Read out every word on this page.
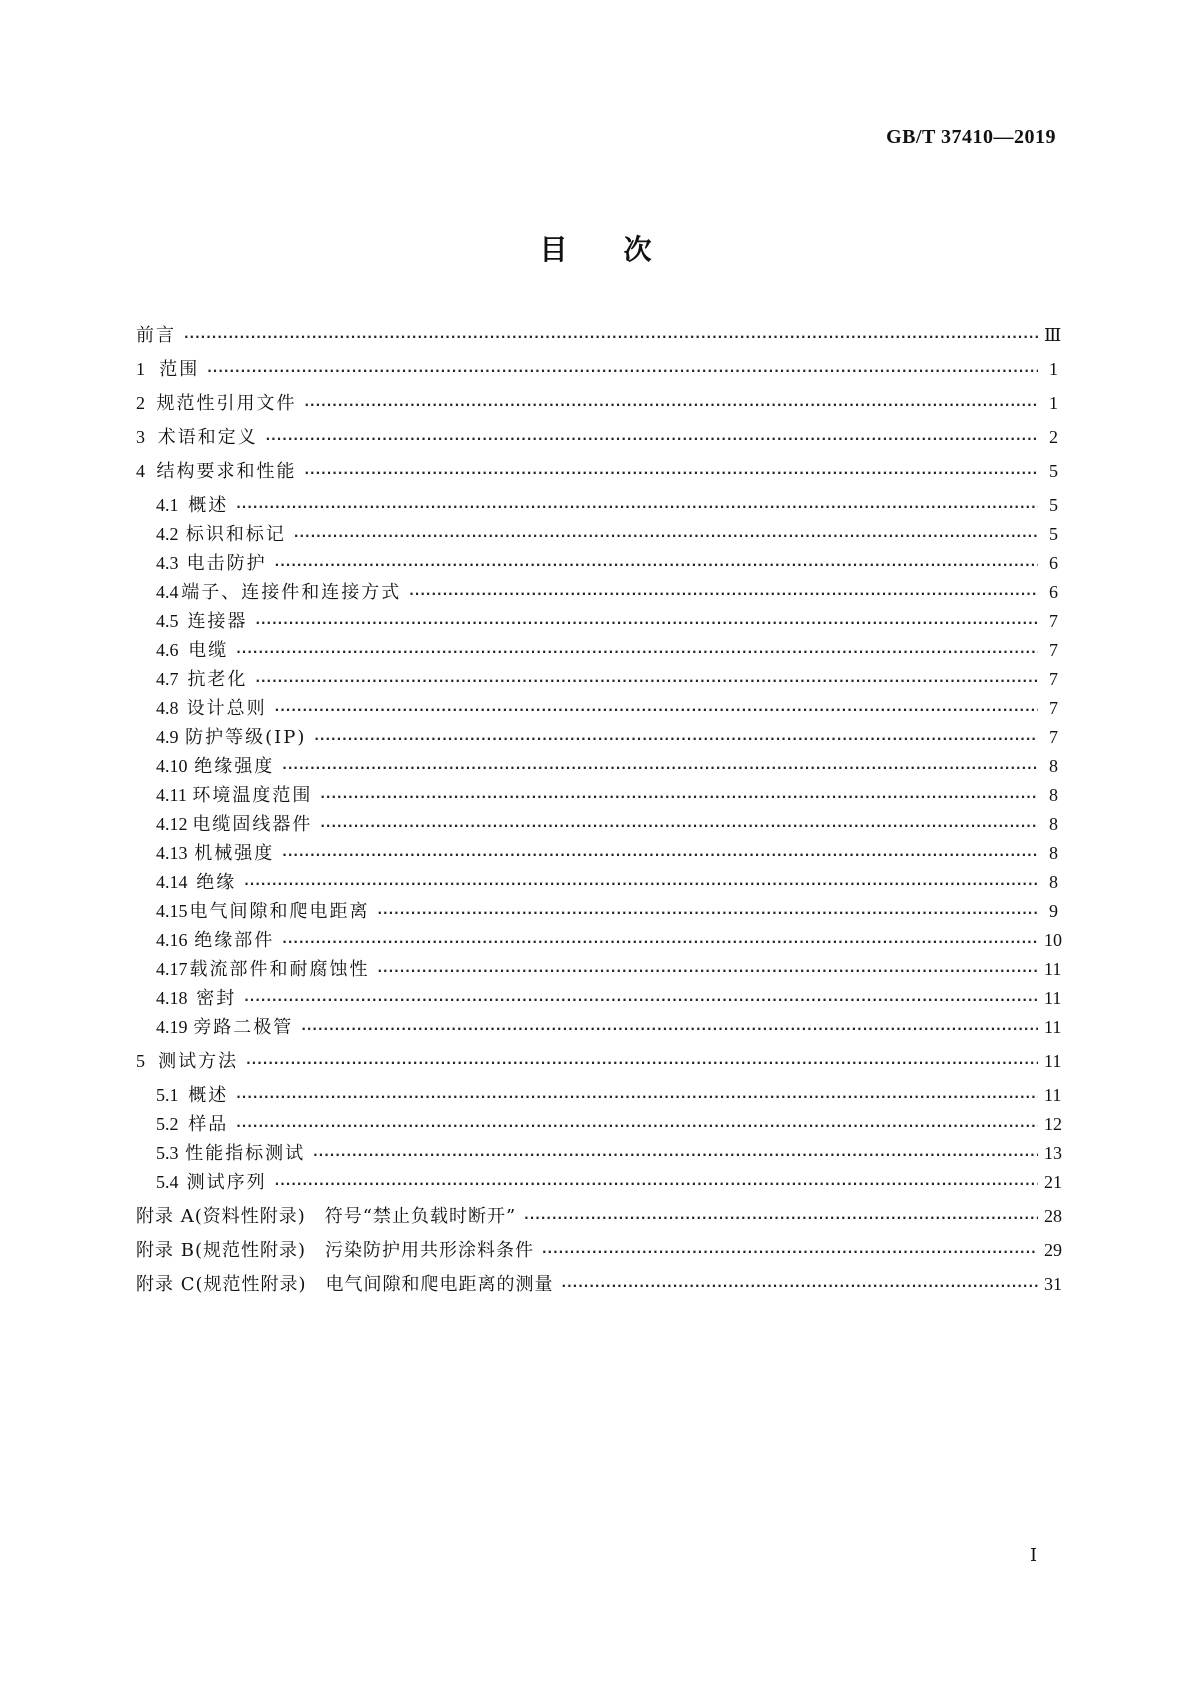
GB/T 37410—2019
目次
前言 ·····	Ⅲ
1 范围 ·····	1
2 规范性引用文件 ·····	1
3 术语和定义 ·····	2
4 结构要求和性能 ·····	5
4.1 概述 ·····	5
4.2 标识和标记 ·····	5
4.3 电击防护 ·····	6
4.4 端子、连接件和连接方式 ·····	6
4.5 连接器 ·····	7
4.6 电缆 ·····	7
4.7 抗老化 ·····	7
4.8 设计总则 ·····	7
4.9 防护等级(IP) ·····	7
4.10 绝缘强度 ·····	8
4.11 环境温度范围 ·····	8
4.12 电缆固线器件 ·····	8
4.13 机械强度 ·····	8
4.14 绝缘 ·····	8
4.15 电气间隙和爬电距离 ·····	9
4.16 绝缘部件 ·····	10
4.17 载流部件和耐腐蚀性 ·····	11
4.18 密封 ·····	11
4.19 旁路二极管 ·····	11
5 测试方法 ·····	11
5.1 概述 ·····	11
5.2 样品 ·····	12
5.3 性能指标测试 ·····	13
5.4 测试序列 ·····	21
附录 A(资料性附录)　符号“禁止负载时断开” ·····	28
附录 B(规范性附录)　污染防护用共形涂料条件 ·····	29
附录 C(规范性附录)　电气间隙和爬电距离的测量 ·····	31
Ⅰ
